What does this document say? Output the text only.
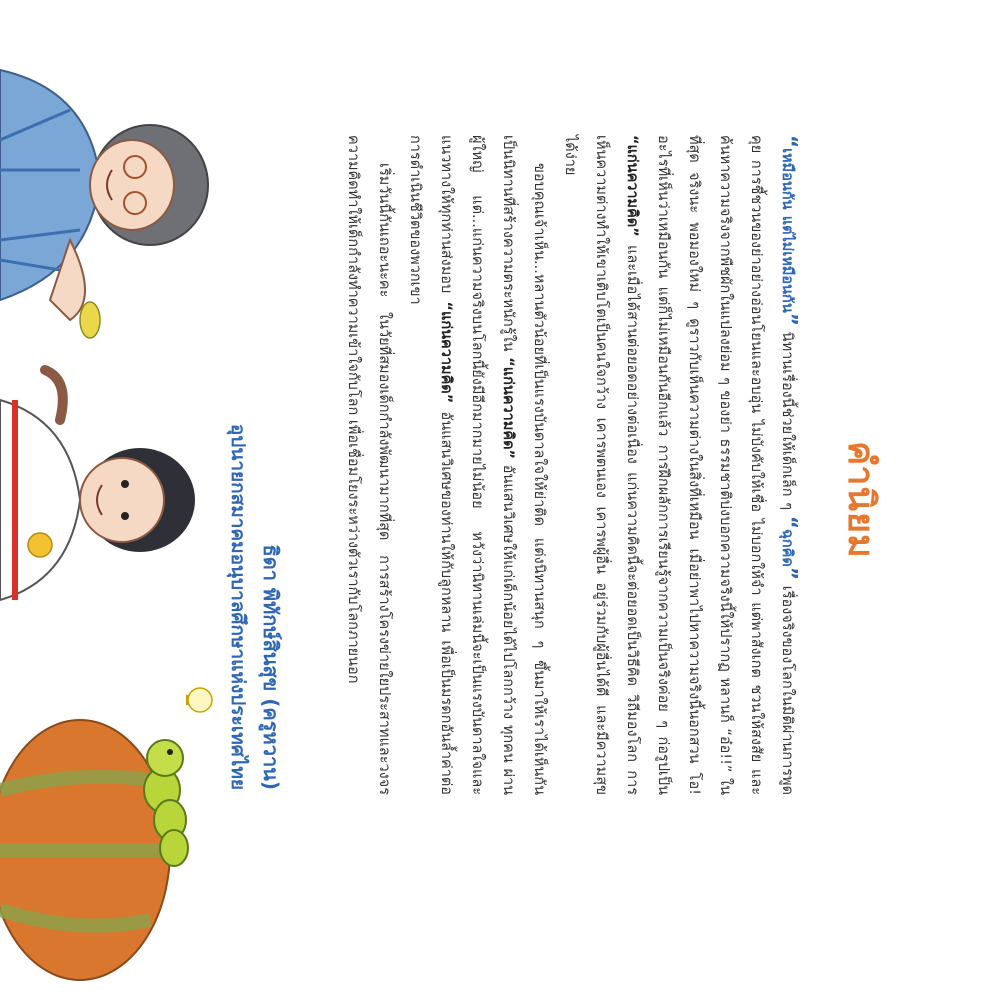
คำนิยม

“เหมือนกัน แต่ไม่เหมือนกัน” นิทานเรื่องนี้ช่วยให้เด็กเล็ก ๆ “ฉุกคิด” เรื่องจริงของโลกในมิติผ่านการพูดคุย การชี้ชวนของย่าอย่างอ่อนโยนและอบอุ่น ไม่บังคับให้เชื่อ ไม่บอกให้จำ แต่พาสังเกต ชวนให้สงสัย และค้นหาความจริงจากพืชผักในแปลงย่อม ๆ ของย่า ธรรมชาติบ่งบอกความจริงนี้ให้ปรากฏ หลานก็ “อ๋อ!!” ในที่สุด จริงนะ พอมองใหม่ ๆ ดูราวกับเห็นความต่างในสิ่งที่เหมือน เมื่อย่าพาไปหาความจริงนี้นอกสวน โอ! อะไรที่เห็นว่าเหมือนกัน แต่ก็ไม่เหมือนกันอีกแล้ว การฝึกผลักการเรียนรู้จากความเป็นจริงค่อย ๆ ก่อรูปเป็น “แก่นความคิด” และเมื่อได้สานต่อยอดอย่างต่อเนื่อง แก่นความคิดนี้จะต่อยอดเป็นวิธีคิด วิถีมองโลก การเห็นความต่างทำให้เขาเติบโตเป็นคนใจกว้าง เคารพตนเอง เคารพผู้อื่น อยู่ร่วมกับผู้อื่นได้ดี และมีความสุขได้ง่าย

ขอบคุณเจ้าเห็น...หลานตัวน้อยที่เป็นแรงบันดาลใจให้ย่าติด แต่งนิทานสนุก ๆ ขึ้นมาให้เราได้เห็นกันเป็นนิทานที่สร้างความตระหนักรู้ใน “แก่นความคิด” อันแสนวิเศษให้แก่เด็กน้อยได้ไปโลกกว้าง ทุกคน ผ่านผู้ใหญ่ แต่...แก่นความจริงบนโลกนี้ยังมีอีกมากมายไม่น้อย หวังว่านิทานเล่มนี้จะเป็นแรงบันดาลใจและแนวทางให้ทุกท่านส่งมอบ “แก่นความคิด” อันแสนวิเศษของท่านให้กับลูกหลาน เพื่อเป็นมรดกอันล้ำค่าต่อการดำเนินชีวิตของพวกเขา

เริ่มวันนี้กันเถอะนะคะ ในวัยที่สมองเด็กกำลังพัฒนามากที่สุด การสร้างโครงข่ายใยประสาทและวงจรความคิดทำให้เด็กกำลังทำความเข้าใจกับโลก เพื่อเชื่อมโยงระหว่างตัวเรากับโลกภายนอก

ธิดา พิทักษ์สินสุข (ครูหวาน)
อุปนายกสมาคมอนุบาลศึกษาแห่งประเทศไทย
